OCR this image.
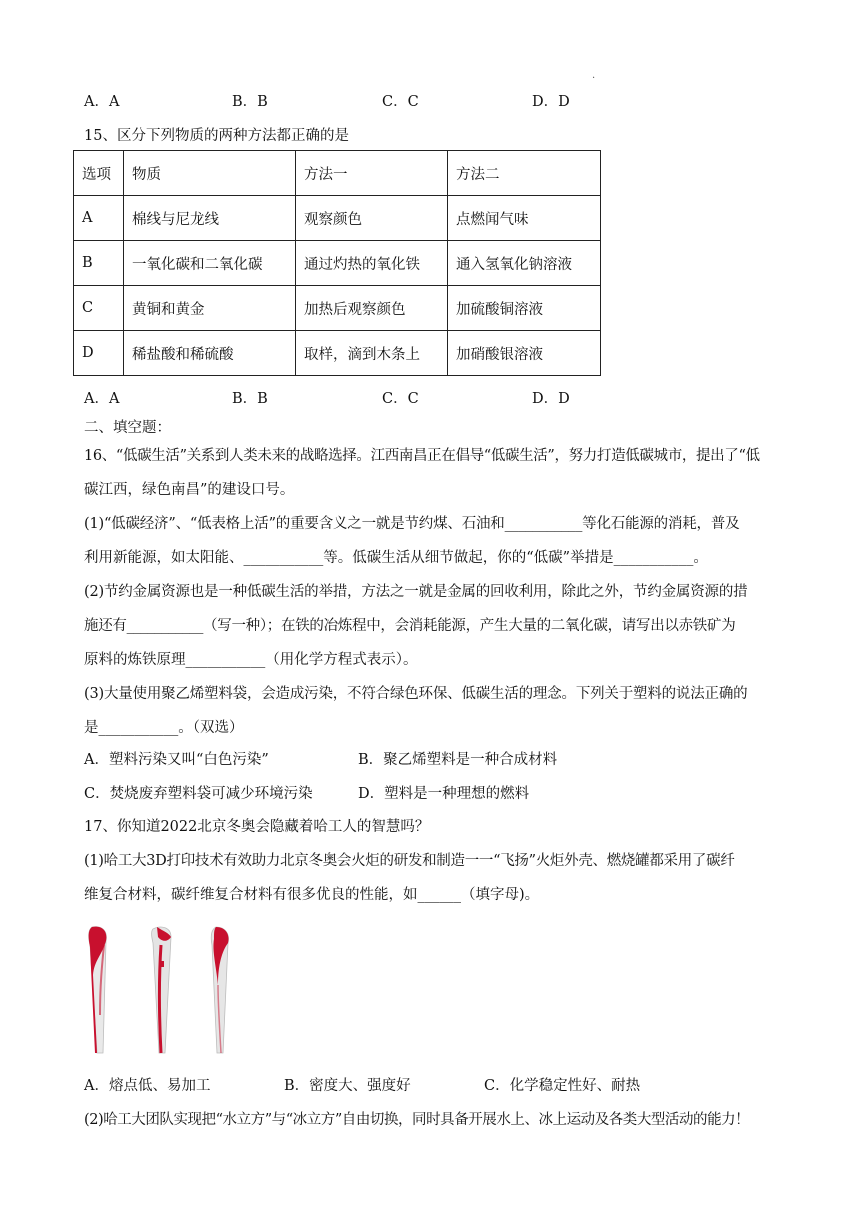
.
A．A	B．B	C．C	D．D
15、区分下列物质的两种方法都正确的是
选项	物质	方法一	方法二
A	棉线与尼龙线	观察颜色	点燃闻气味
B	一氧化碳和二氧化碳	通过灼热的氧化铁	通入氢氧化钠溶液
C	黄铜和黄金	加热后观察颜色	加硫酸铜溶液
D	稀盐酸和稀硫酸	取样，滴到木条上	加硝酸银溶液
A．A	B．B	C．C	D．D
二、填空题：
16、“低碳生活”关系到人类未来的战略选择。江西南昌正在倡导“低碳生活”，努力打造低碳城市，提出了“低
碳江西，绿色南昌”的建设口号。
(1)“低碳经济”、“低表格上活”的重要含义之一就是节约煤、石油和___________等化石能源的消耗，普及
利用新能源，如太阳能、___________等。低碳生活从细节做起，你的“低碳”举措是___________。
(2)节约金属资源也是一种低碳生活的举措，方法之一就是金属的回收利用，除此之外，节约金属资源的措
施还有___________（写一种）；在铁的冶炼程中，会消耗能源，产生大量的二氧化碳，请写出以赤铁矿为
原料的炼铁原理___________（用化学方程式表示）。
(3)大量使用聚乙烯塑料袋，会造成污染，不符合绿色环保、低碳生活的理念。下列关于塑料的说法正确的
是___________。（双选）
A．塑料污染又叫“白色污染”	B．聚乙烯塑料是一种合成材料
C．焚烧废弃塑料袋可减少环境污染	D．塑料是一种理想的燃料
17、你知道2022北京冬奥会隐藏着哈工人的智慧吗？
(1)哈工大3D打印技术有效助力北京冬奥会火炬的研发和制造一一“飞扬”火炬外壳、燃烧罐都采用了碳纤
维复合材料，碳纤维复合材料有很多优良的性能，如______（填字母)。
A．熔点低、易加工	B．密度大、强度好	C．化学稳定性好、耐热
(2)哈工大团队实现把“水立方”与“冰立方”自由切换，同时具备开展水上、冰上运动及各类大型活动的能力！
